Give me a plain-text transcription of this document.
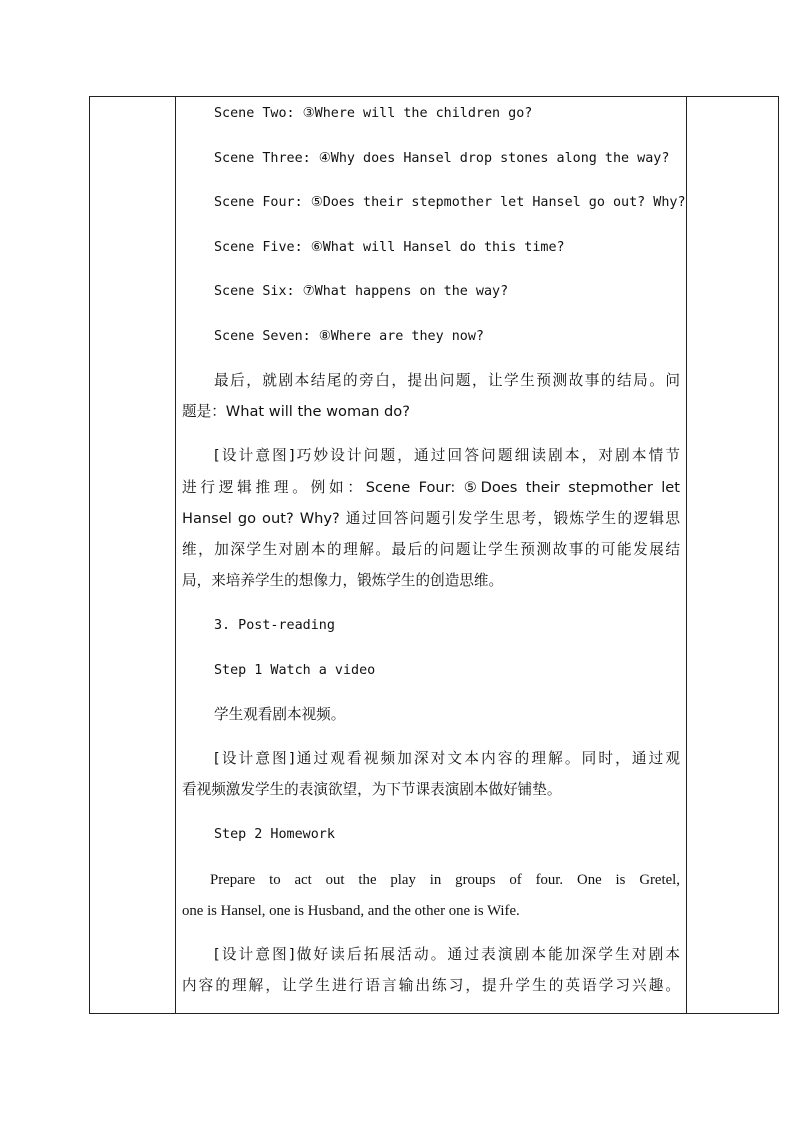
Scene Two: ③Where will the children go?
Scene Three: ④Why does Hansel drop stones along the way?
Scene Four: ⑤Does their stepmother let Hansel go out? Why?
Scene Five: ⑥What will Hansel do this time?
Scene Six: ⑦What happens on the way?
Scene Seven: ⑧Where are they now?
最后，就剧本结尾的旁白，提出问题，让学生预测故事的结局。问
题是：What will the woman do?
[设计意图]巧妙设计问题，通过回答问题细读剧本，对剧本情节
进行逻辑推理。例如：Scene Four: ⑤Does their stepmother let
Hansel go out? Why? 通过回答问题引发学生思考，锻炼学生的逻辑思
维，加深学生对剧本的理解。最后的问题让学生预测故事的可能发展结
局，来培养学生的想像力，锻炼学生的创造思维。
3. Post-reading
Step 1 Watch a video
学生观看剧本视频。
[设计意图]通过观看视频加深对文本内容的理解。同时，通过观
看视频激发学生的表演欲望，为下节课表演剧本做好铺垫。
Step 2 Homework
Prepare to act out the play in groups of four. One is Gretel,
one is Hansel, one is Husband, and the other one is Wife.
[设计意图]做好读后拓展活动。通过表演剧本能加深学生对剧本
内容的理解，让学生进行语言输出练习，提升学生的英语学习兴趣。
